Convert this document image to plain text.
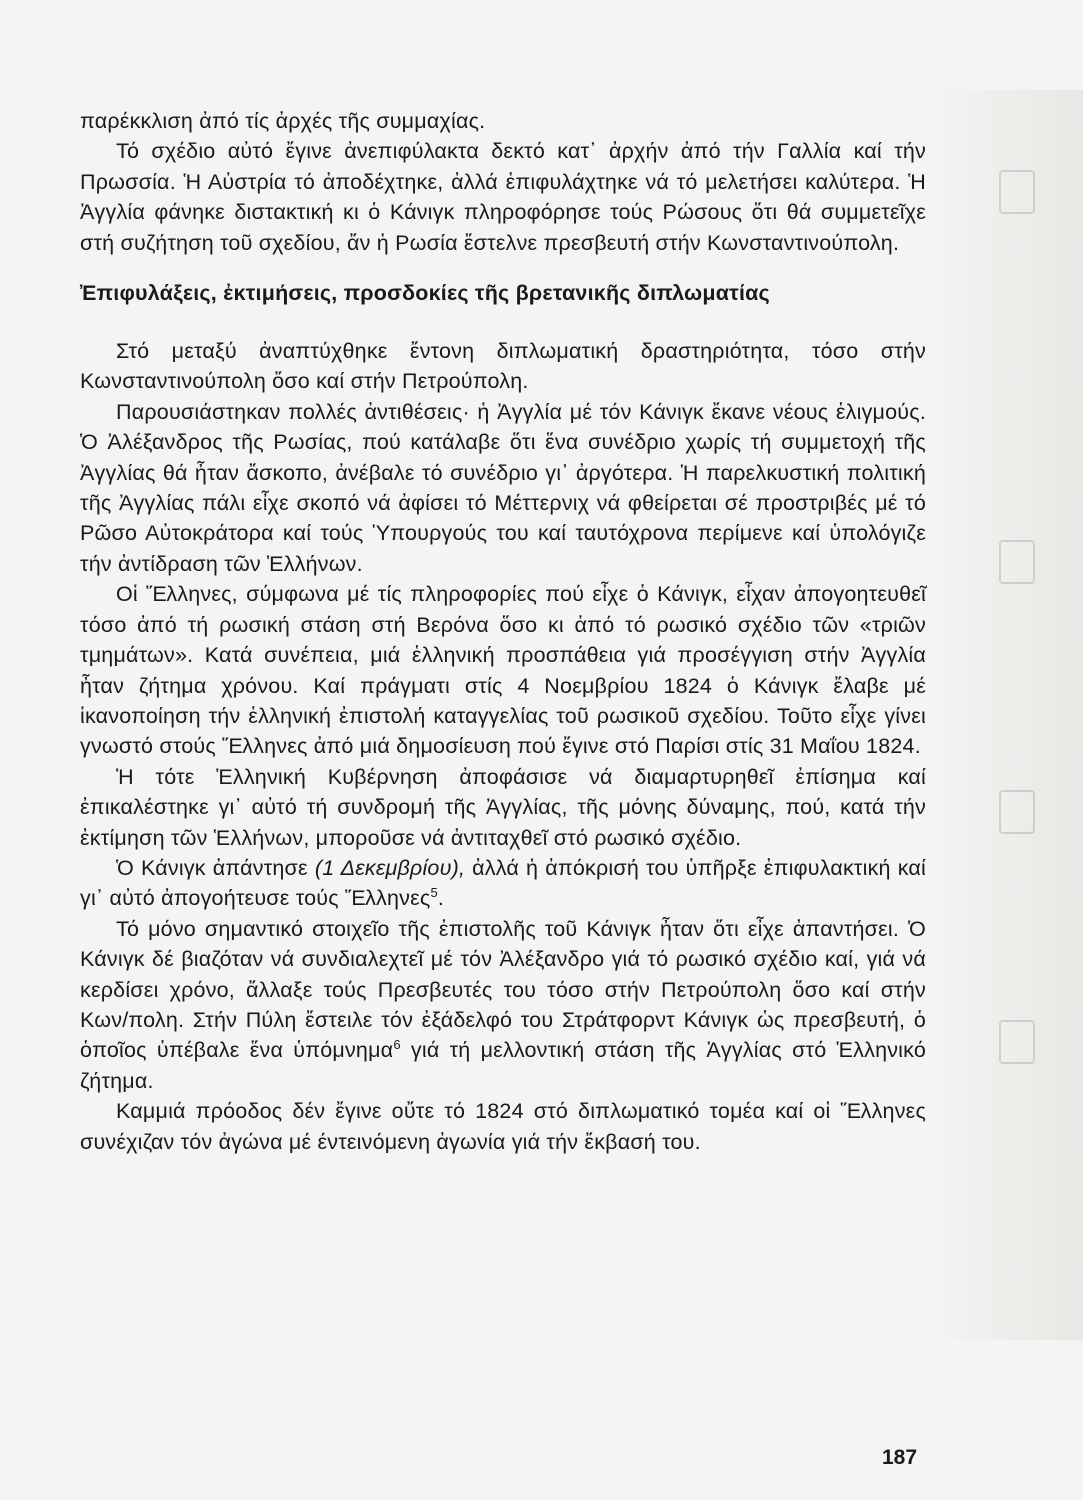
παρέκκλιση ἀπό τίς ἀρχές τῆς συμμαχίας.

Τό σχέδιο αὐτό ἔγινε ἀνεπιφύλακτα δεκτό κατ᾽ ἀρχήν ἀπό τήν Γαλλία καί τήν Πρωσσία. Ἡ Αὐστρία τό ἀποδέχτηκε, ἀλλά ἐπιφυλάχτηκε νά τό μελετήσει καλύτερα. Ἡ Ἀγγλία φάνηκε διστακτική κι ὁ Κάνιγκ πληροφόρησε τούς Ρώσους ὅτι θά συμμετεῖχε στή συζήτηση τοῦ σχεδίου, ἄν ἡ Ρωσία ἔστελνε πρεσβευτή στήν Κωνσταντινούπολη.

Ἐπιφυλάξεις, ἐκτιμήσεις, προσδοκίες τῆς βρετανικῆς διπλωματίας

Στό μεταξύ ἀναπτύχθηκε ἔντονη διπλωματική δραστηριότητα, τόσο στήν Κωνσταντινούπολη ὅσο καί στήν Πετρούπολη.

Παρουσιάστηκαν πολλές ἀντιθέσεις· ἡ Ἀγγλία μέ τόν Κάνιγκ ἔκανε νέους ἑλιγμούς. Ὁ Ἀλέξανδρος τῆς Ρωσίας, πού κατάλαβε ὅτι ἕνα συνέδριο χωρίς τή συμμετοχή τῆς Ἀγγλίας θά ἦταν ἄσκοπο, ἀνέβαλε τό συνέδριο γι᾽ ἀργότερα. Ἡ παρελκυστική πολιτική τῆς Ἀγγλίας πάλι εἶχε σκοπό νά ἀφίσει τό Μέττερνιχ νά φθείρεται σέ προστριβές μέ τό Ρῶσο Αὐτοκράτορα καί τούς Ὑπουργούς του καί ταυτόχρονα περίμενε καί ὑπολόγιζε τήν ἀντίδραση τῶν Ἑλλήνων.

Οἱ Ἕλληνες, σύμφωνα μέ τίς πληροφορίες πού εἶχε ὁ Κάνιγκ, εἶχαν ἀπογοητευθεῖ τόσο ἀπό τή ρωσική στάση στή Βερόνα ὅσο κι ἀπό τό ρωσικό σχέδιο τῶν «τριῶν τμημάτων». Κατά συνέπεια, μιά ἑλληνική προσπάθεια γιά προσέγγιση στήν Ἀγγλία ἦταν ζήτημα χρόνου. Καί πράγματι στίς 4 Νοεμβρίου 1824 ὁ Κάνιγκ ἔλαβε μέ ἱκανοποίηση τήν ἑλληνική ἐπιστολή καταγγελίας τοῦ ρωσικοῦ σχεδίου. Τοῦτο εἶχε γίνει γνωστό στούς Ἕλληνες ἀπό μιά δημοσίευση πού ἔγινε στό Παρίσι στίς 31 Μαΐου 1824.

Ἡ τότε Ἑλληνική Κυβέρνηση ἀποφάσισε νά διαμαρτυρηθεῖ ἐπίσημα καί ἐπικαλέστηκε γι᾽ αὐτό τή συνδρομή τῆς Ἀγγλίας, τῆς μόνης δύναμης, πού, κατά τήν ἐκτίμηση τῶν Ἑλλήνων, μποροῦσε νά ἀντιταχθεῖ στό ρωσικό σχέδιο.

Ὁ Κάνιγκ ἀπάντησε (1 Δεκεμβρίου), ἀλλά ἡ ἀπόκρισή του ὑπῆρξε ἐπιφυλακτική καί γι᾽ αὐτό ἀπογοήτευσε τούς Ἕλληνες$^5$.

Τό μόνο σημαντικό στοιχεῖο τῆς ἐπιστολῆς τοῦ Κάνιγκ ἦταν ὅτι εἶχε ἀπαντήσει. Ὁ Κάνιγκ δέ βιαζόταν νά συνδιαλεχτεῖ μέ τόν Ἀλέξανδρο γιά τό ρωσικό σχέδιο καί, γιά νά κερδίσει χρόνο, ἄλλαξε τούς Πρεσβευτές του τόσο στήν Πετρούπολη ὅσο καί στήν Κων/πολη. Στήν Πύλη ἔστειλε τόν ἐξάδελφό του Στράτφορντ Κάνιγκ ὡς πρεσβευτή, ὁ ὁποῖος ὑπέβαλε ἕνα ὑπόμνημα$^6$ γιά τή μελλοντική στάση τῆς Ἀγγλίας στό Ἑλληνικό ζήτημα.

Καμμιά πρόοδος δέν ἔγινε οὔτε τό 1824 στό διπλωματικό τομέα καί οἱ Ἕλληνες συνέχιζαν τόν ἀγώνα μέ έντεινόμενη ἀγωνία γιά τήν ἔκβασή του.

187
